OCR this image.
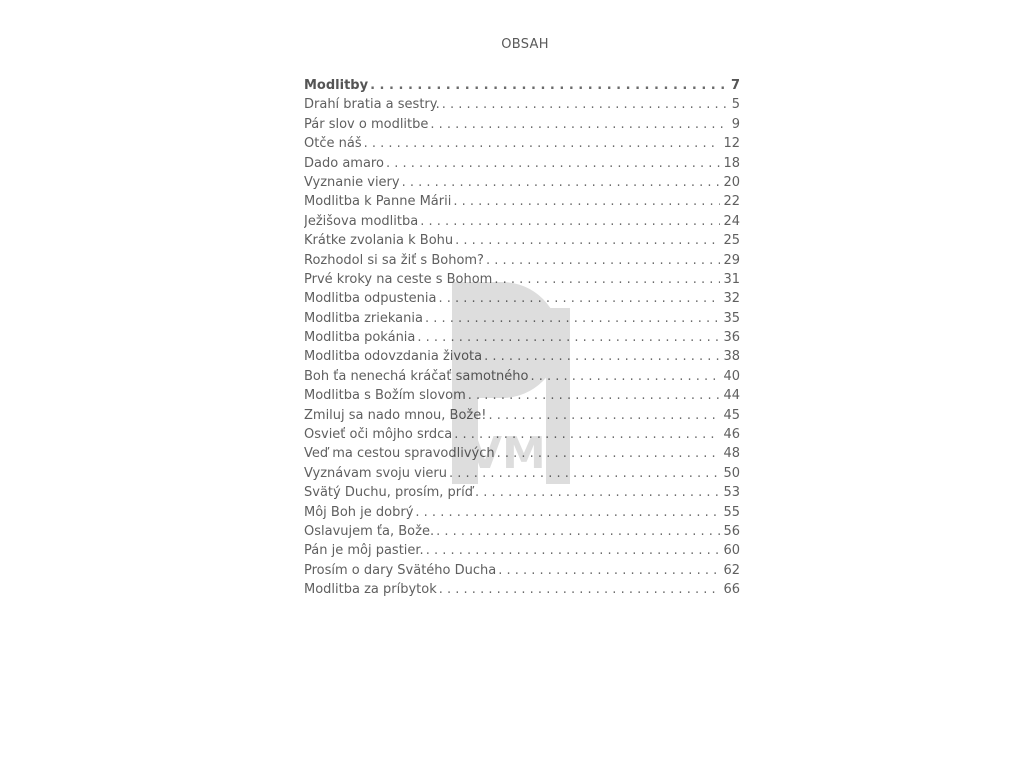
OBSAH
Modlitby . . .	7
Drahí bratia a sestry. . . .	5
Pár slov o modlitbe . . .	9
Otče náš . . .	12
Dado amaro . . .	18
Vyznanie viery . . .	20
Modlitba k Panne Márii . . .	22
Ježišova modlitba . . .	24
Krátke zvolania k Bohu . . .	25
Rozhodol si sa žiť s Bohom? . . .	29
Prvé kroky na ceste s Bohom . . .	31
Modlitba odpustenia . . .	32
Modlitba zriekania . . .	35
Modlitba pokánia . . .	36
Modlitba odovzdania života . . .	38
Boh ťa nenechá kráčať samotného . . .	40
Modlitba s Božím slovom . . .	44
Zmiluj sa nado mnou, Bože! . . .	45
Osvieť oči môjho srdca . . .	46
Veď ma cestou spravodlivých . . .	48
Vyznávam svoju vieru . . .	50
Svätý Duchu, prosím, príď . . .	53
Môj Boh je dobrý . . .	55
Oslavujem ťa, Bože. . . .	56
Pán je môj pastier. . . .	60
Prosím o dary Svätého Ducha . . .	62
Modlitba za príbytok . . .	66
VM
